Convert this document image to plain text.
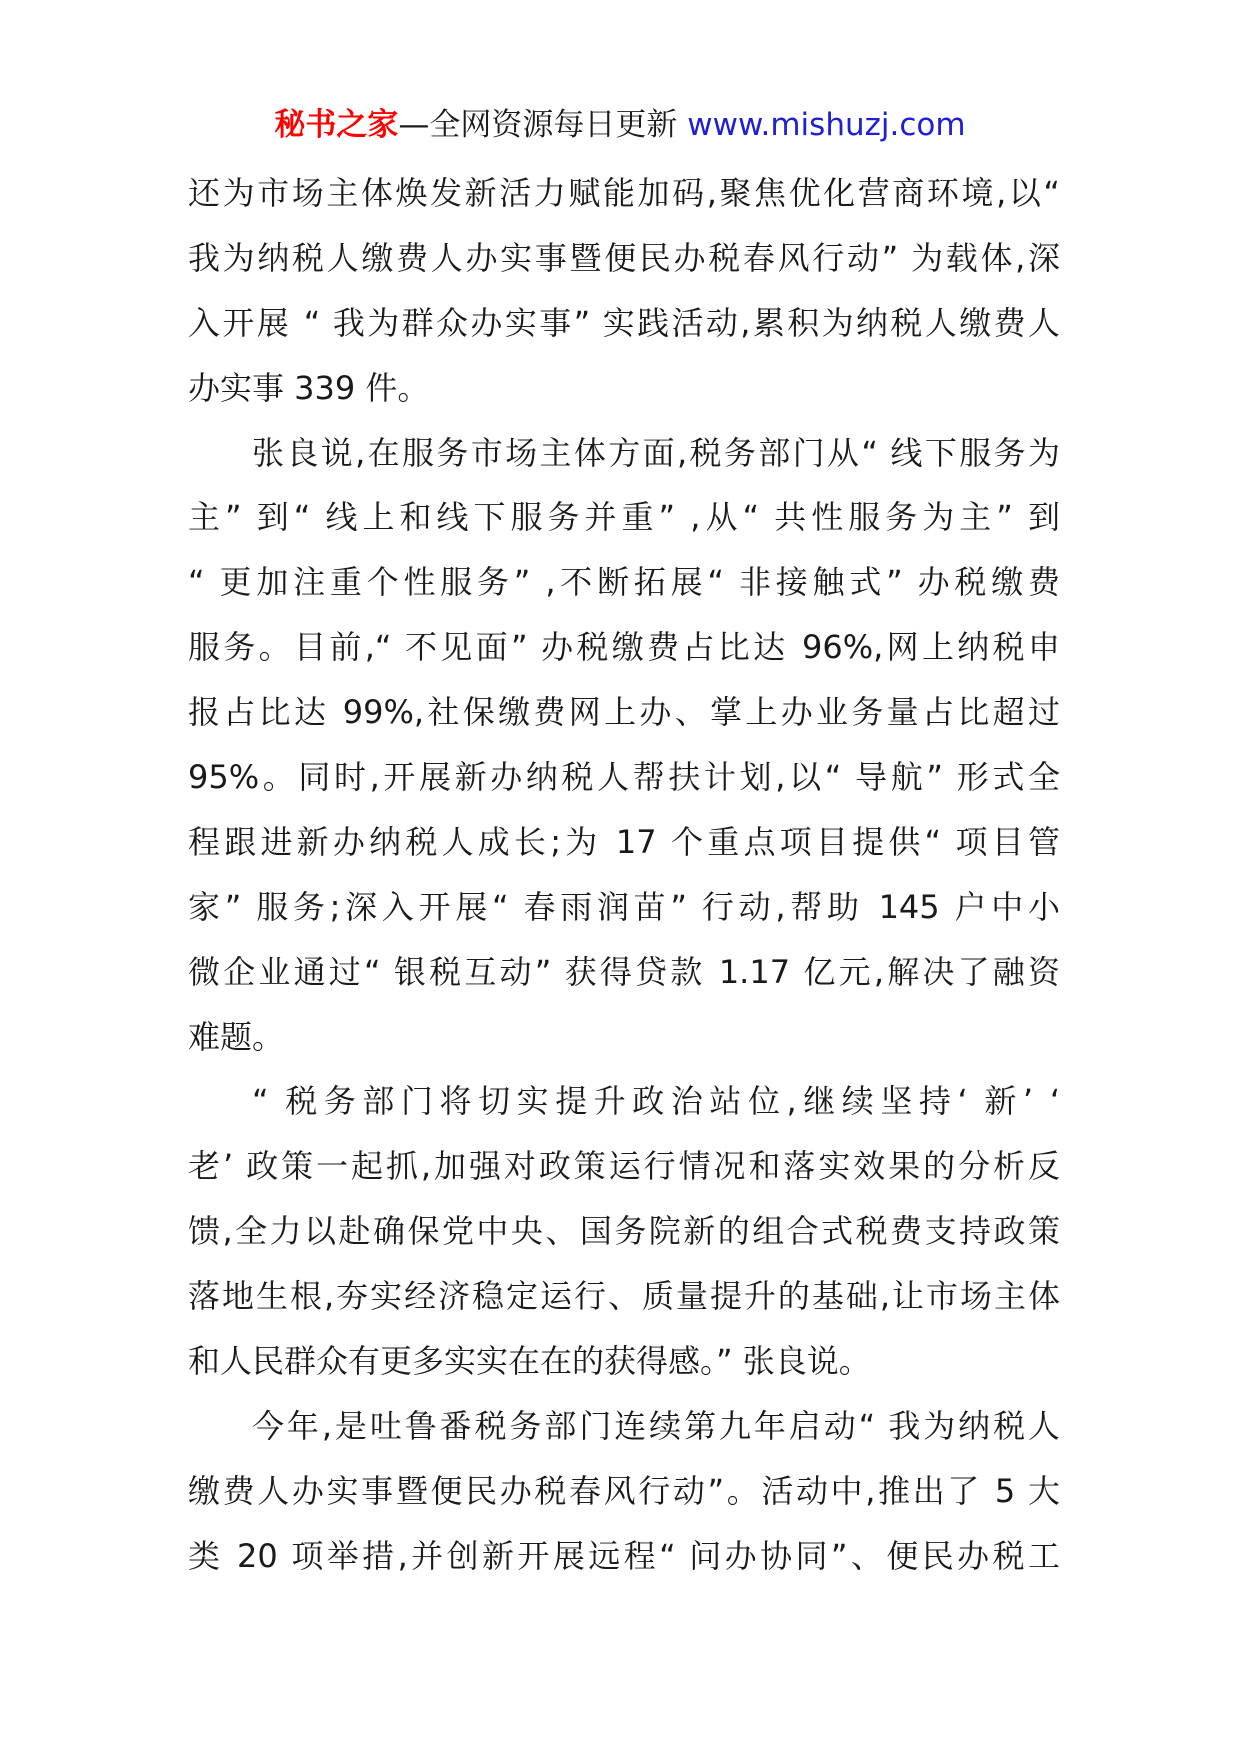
秘书之家—全网资源每日更新 www.mishuzj.com
还为市场主体焕发新活力赋能加码,聚焦优化营商环境,以“
我为纳税人缴费人办实事暨便民办税春风行动” 为载体,深
入开展 “ 我为群众办实事” 实践活动,累积为纳税人缴费人
办实事 339 件。
张良说,在服务市场主体方面,税务部门从“ 线下服务为
主” 到“ 线上和线下服务并重” ,从“ 共性服务为主” 到
“ 更加注重个性服务” ,不断拓展“ 非接触式” 办税缴费
服务。目前,“ 不见面” 办税缴费占比达 96%,网上纳税申
报占比达 99%,社保缴费网上办、掌上办业务量占比超过
95%。同时,开展新办纳税人帮扶计划,以“ 导航” 形式全
程跟进新办纳税人成长;为 17 个重点项目提供“ 项目管
家” 服务;深入开展“ 春雨润苗” 行动,帮助 145 户中小
微企业通过“ 银税互动” 获得贷款 1.17 亿元,解决了融资
难题。
“ 税务部门将切实提升政治站位,继续坚持‘ 新’ ‘
老’ 政策一起抓,加强对政策运行情况和落实效果的分析反
馈,全力以赴确保党中央、国务院新的组合式税费支持政策
落地生根,夯实经济稳定运行、质量提升的基础,让市场主体
和人民群众有更多实实在在的获得感。” 张良说。
今年,是吐鲁番税务部门连续第九年启动“ 我为纳税人
缴费人办实事暨便民办税春风行动”。活动中,推出了 5 大
类 20 项举措,并创新开展远程“ 问办协同”、便民办税工
